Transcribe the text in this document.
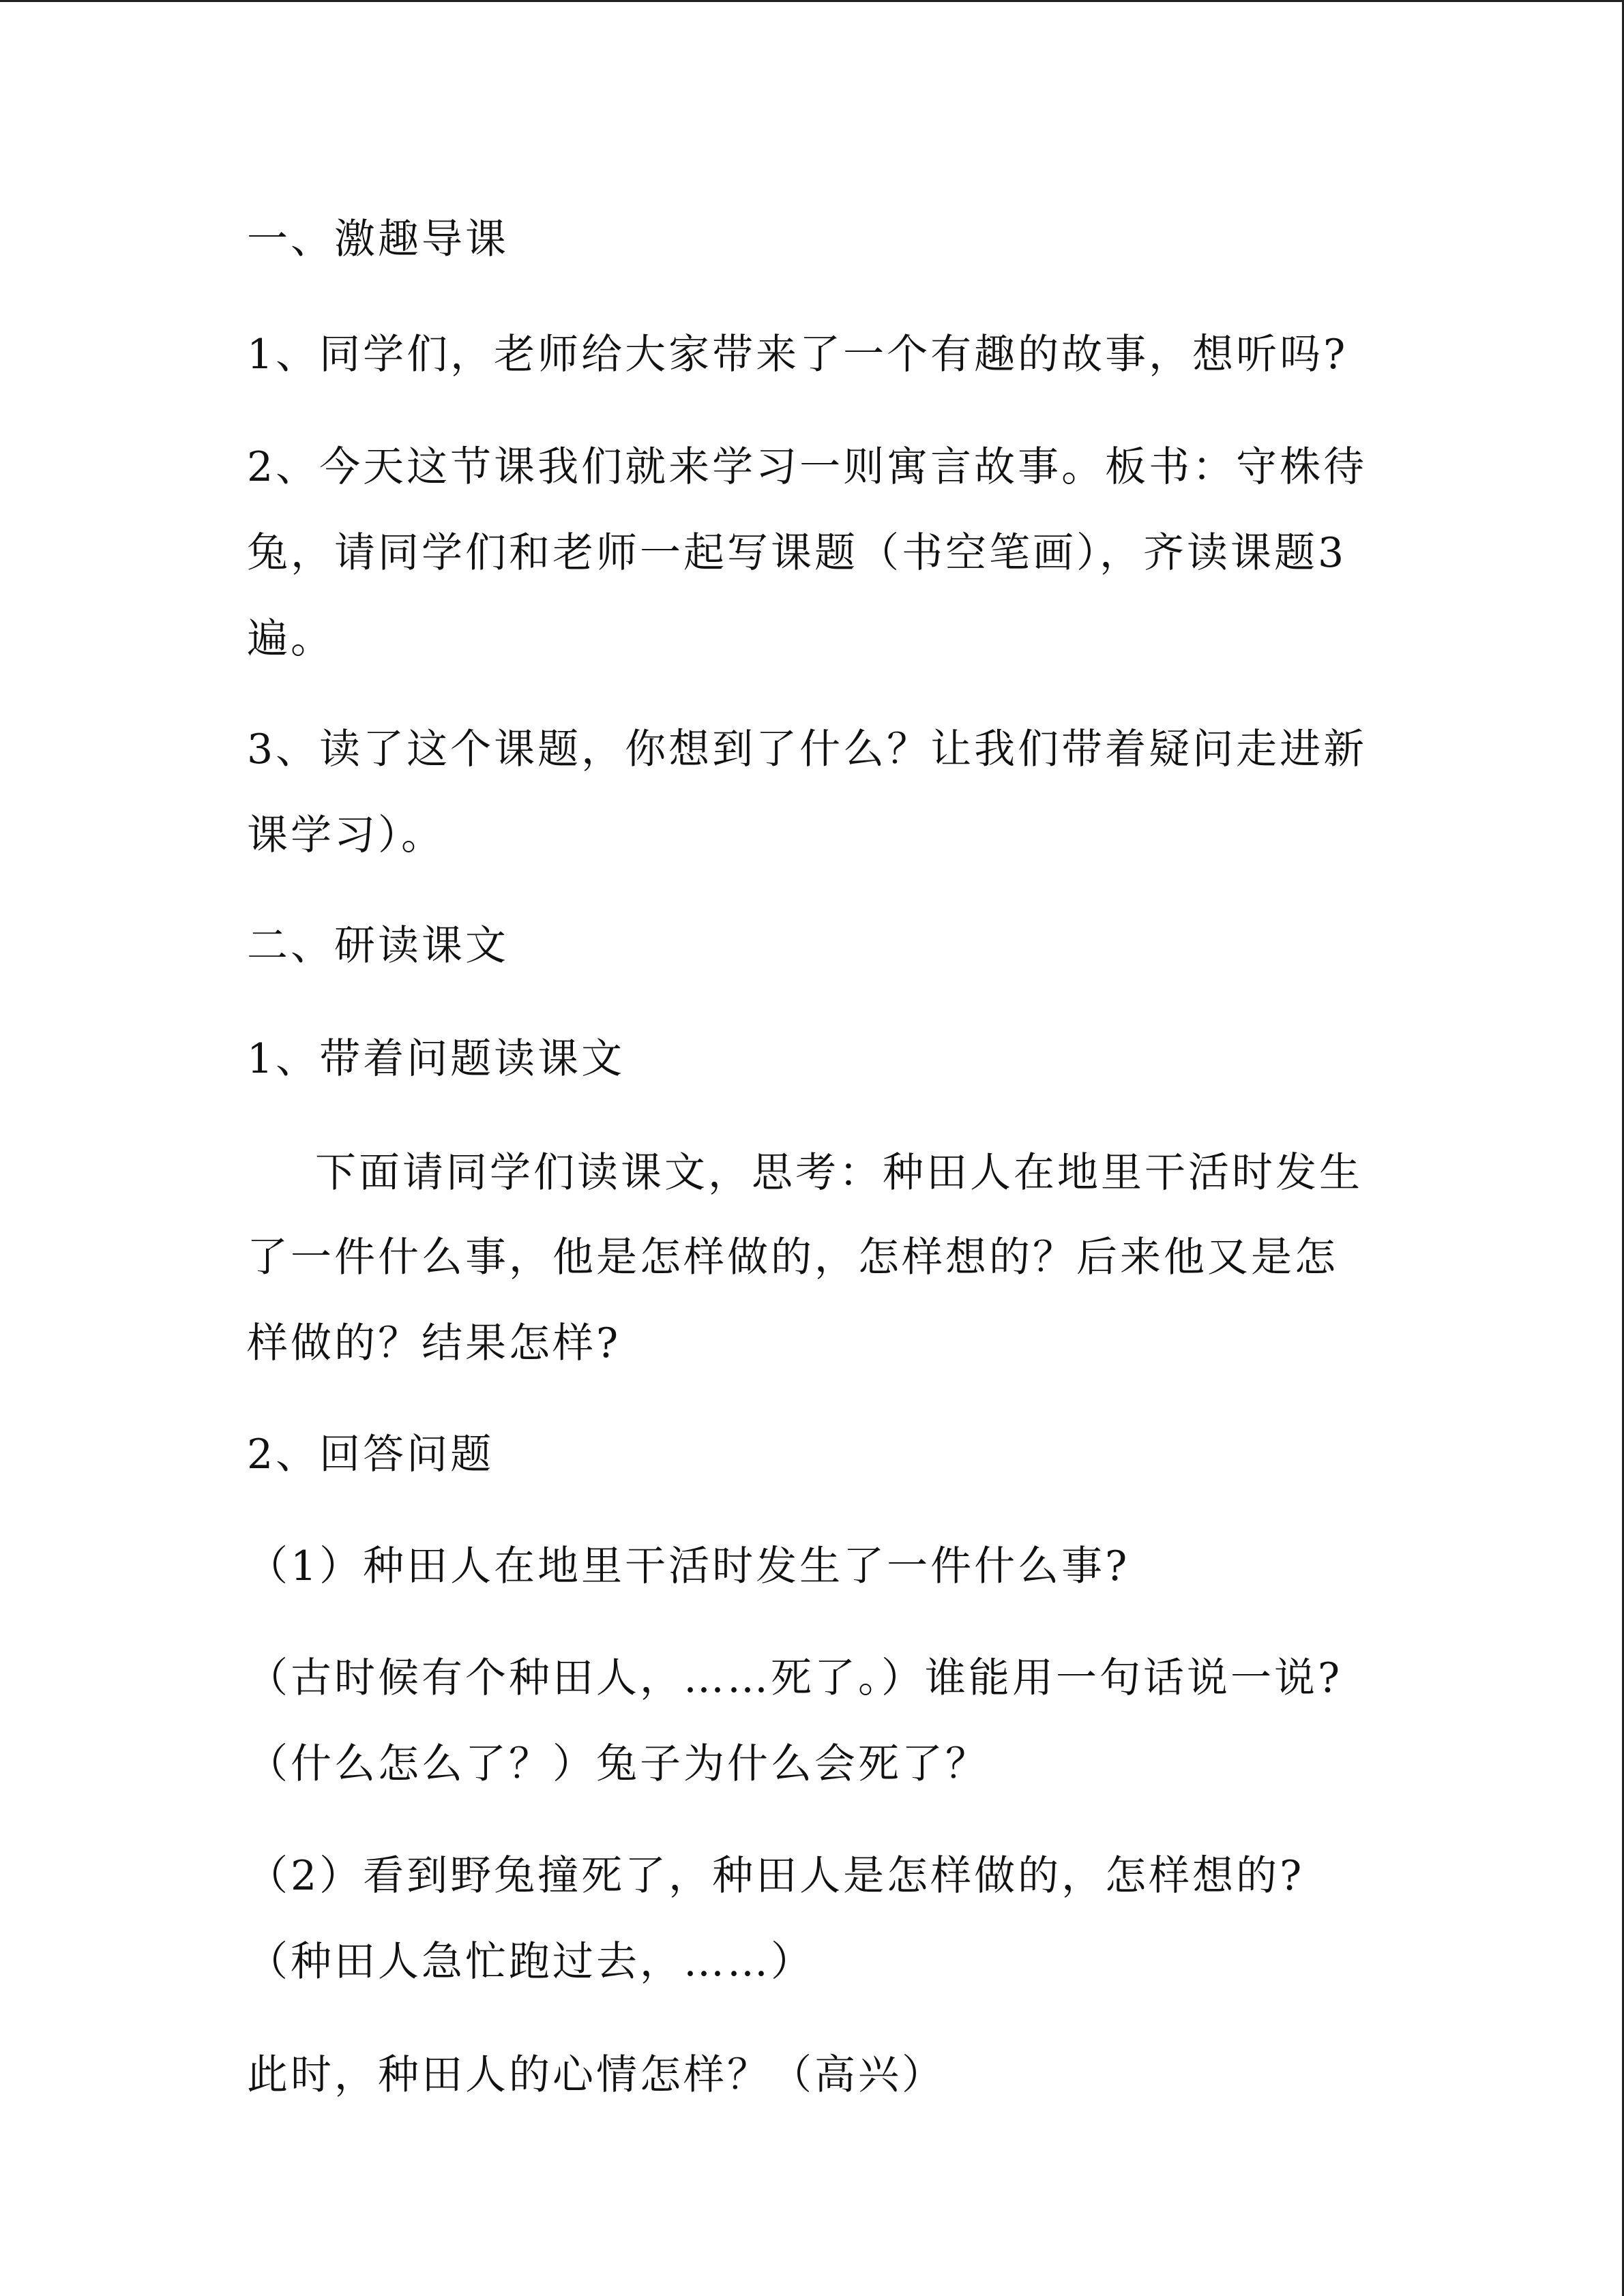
一、激趣导课
1、同学们，老师给大家带来了一个有趣的故事，想听吗?
2、今天这节课我们就来学习一则寓言故事。板书：守株待
兔，请同学们和老师一起写课题（书空笔画），齐读课题3
遍。
3、读了这个课题，你想到了什么？让我们带着疑问走进新
课学习）。
二、研读课文
1、带着问题读课文
下面请同学们读课文，思考：种田人在地里干活时发生
了一件什么事，他是怎样做的，怎样想的？后来他又是怎
样做的？结果怎样?
2、回答问题
（1）种田人在地里干活时发生了一件什么事?
（古时候有个种田人，……死了。）谁能用一句话说一说?
（什么怎么了？）兔子为什么会死了？
（2）看到野兔撞死了，种田人是怎样做的，怎样想的?
（种田人急忙跑过去，……）
此时，种田人的心情怎样？（高兴）
